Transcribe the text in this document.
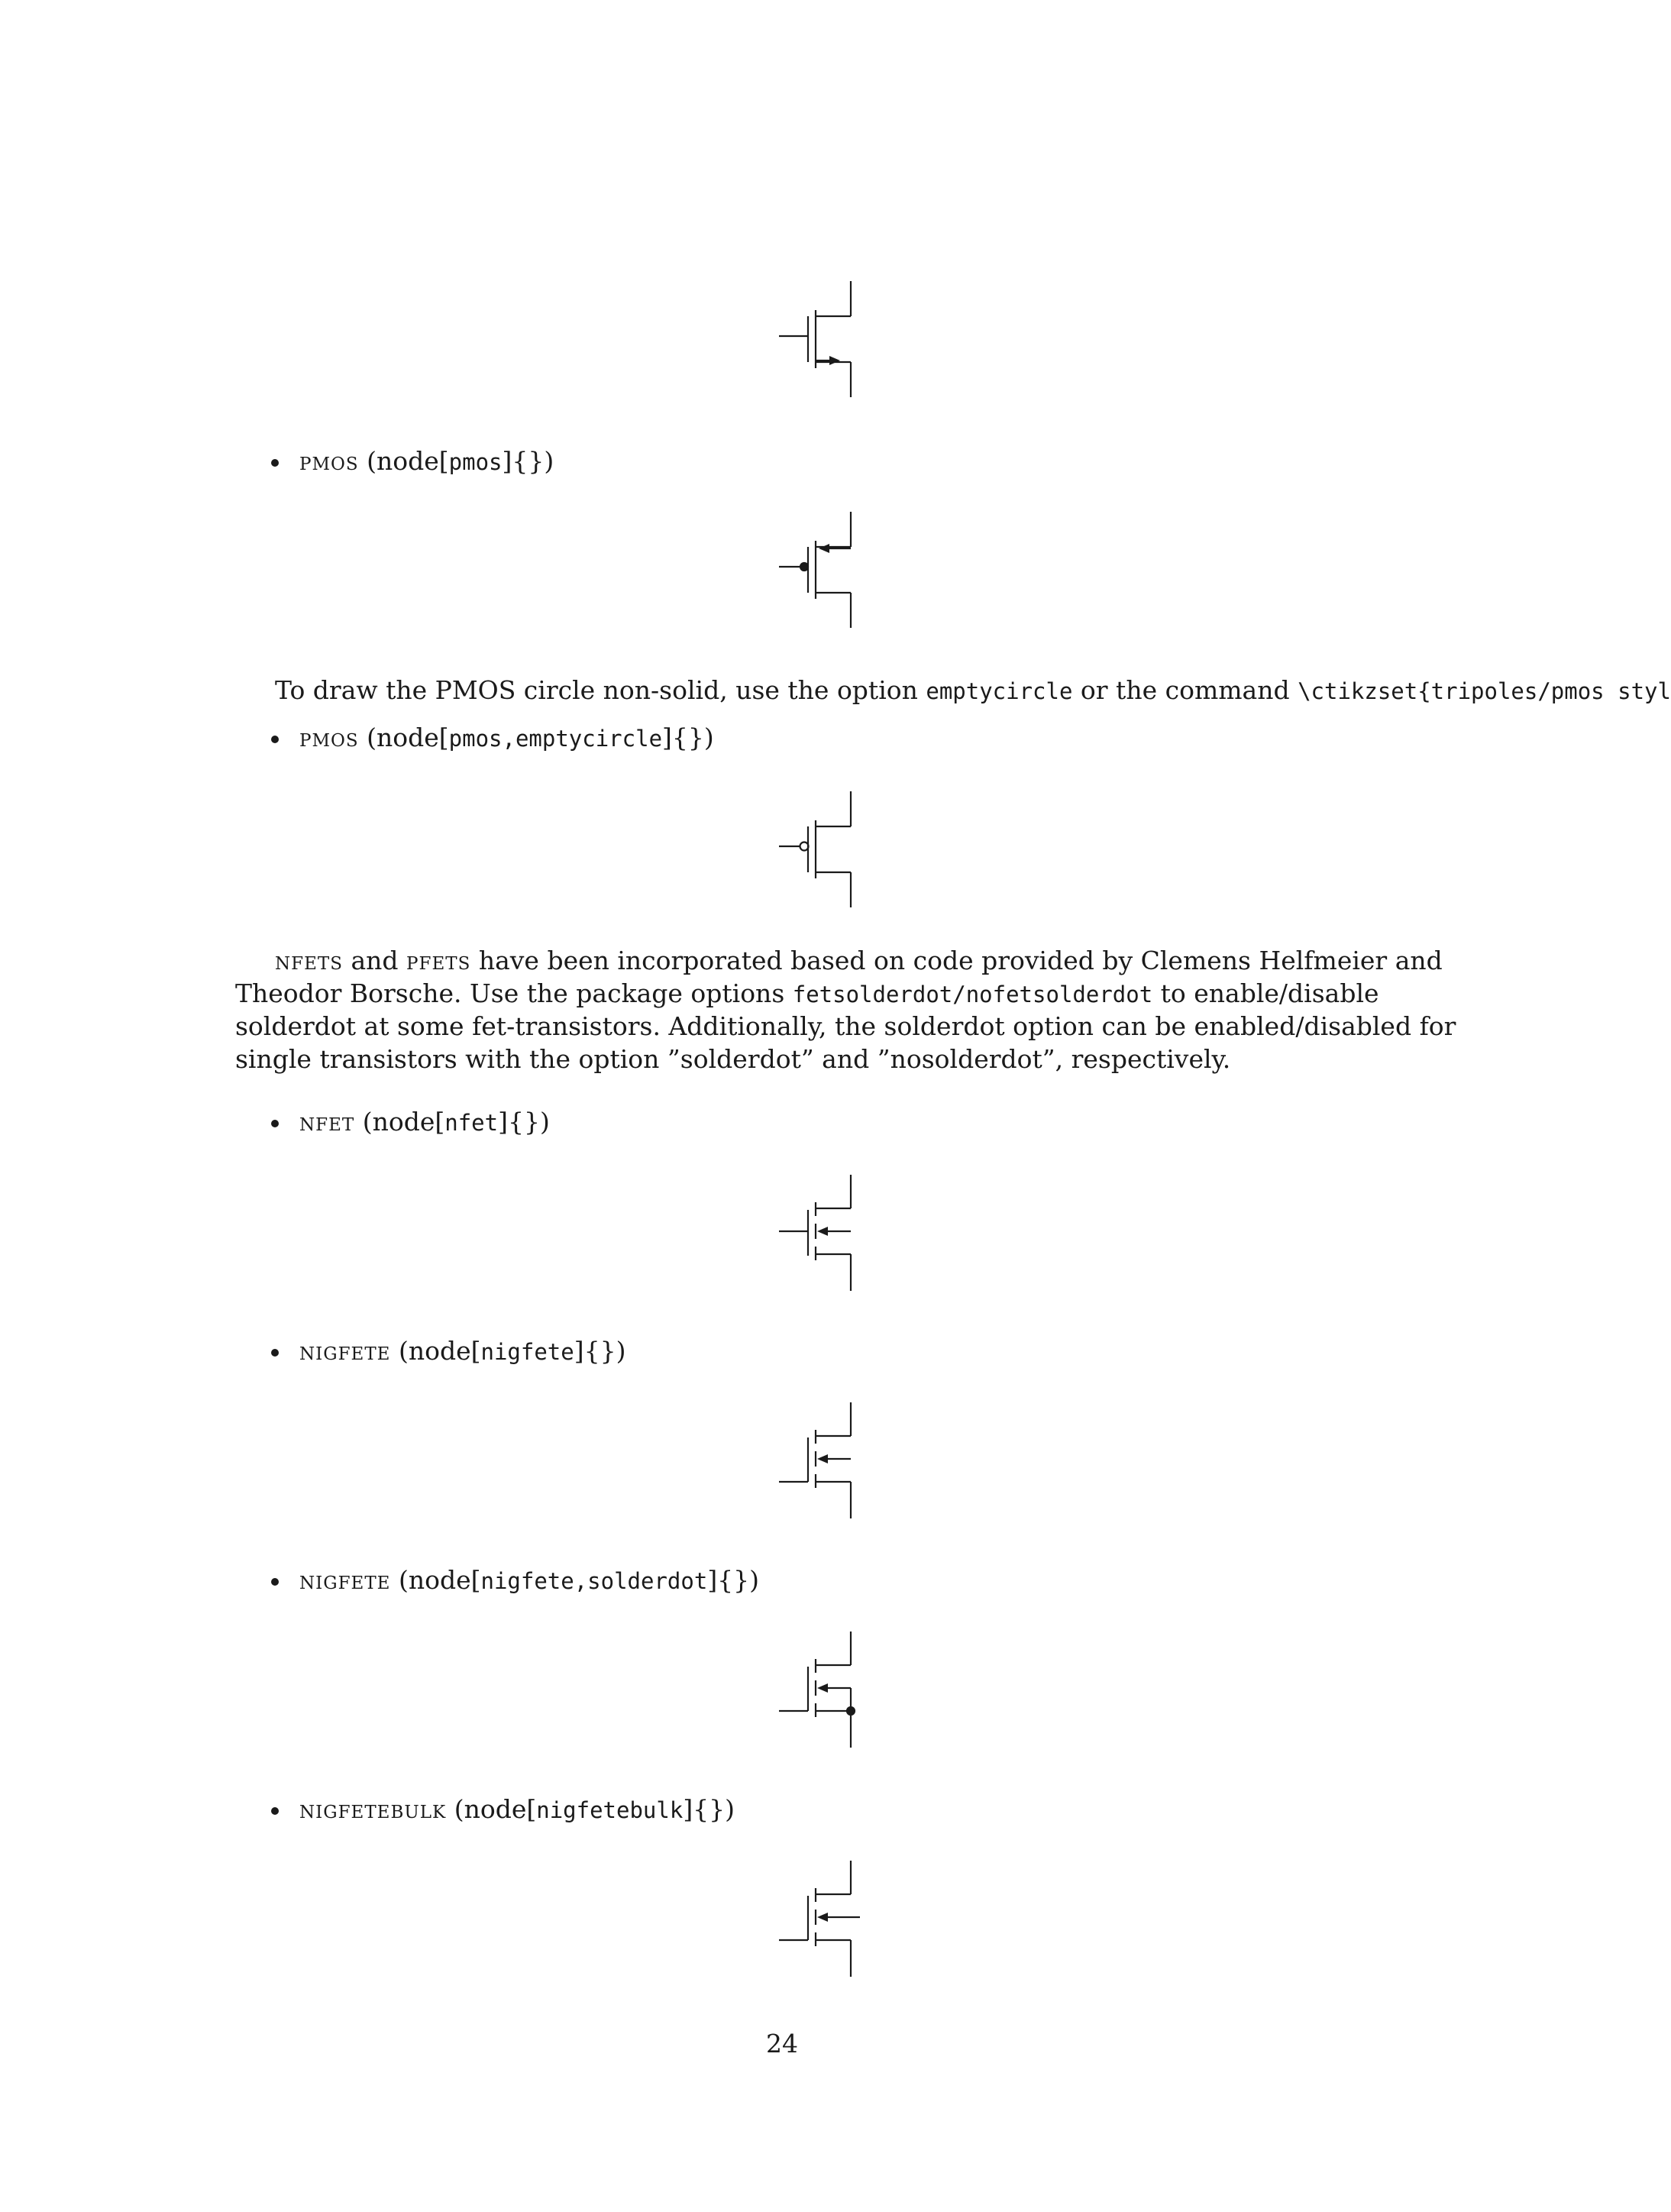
pmos (node[pmos]{})
To draw the PMOS circle non-solid, use the option emptycircle or the command \ctikzset{tripoles/pmos styl
pmos (node[pmos,emptycircle]{})
nfets and pfets have been incorporated based on code provided by Clemens Helfmeier and
Theodor Borsche. Use the package options fetsolderdot/nofetsolderdot to enable/disable
solderdot at some fet-transistors. Additionally, the solderdot option can be enabled/disabled for
single transistors with the option ”solderdot” and ”nosolderdot”, respectively.
nfet (node[nfet]{})
nigfete (node[nigfete]{})
nigfete (node[nigfete,solderdot]{})
nigfetebulk (node[nigfetebulk]{})
24
